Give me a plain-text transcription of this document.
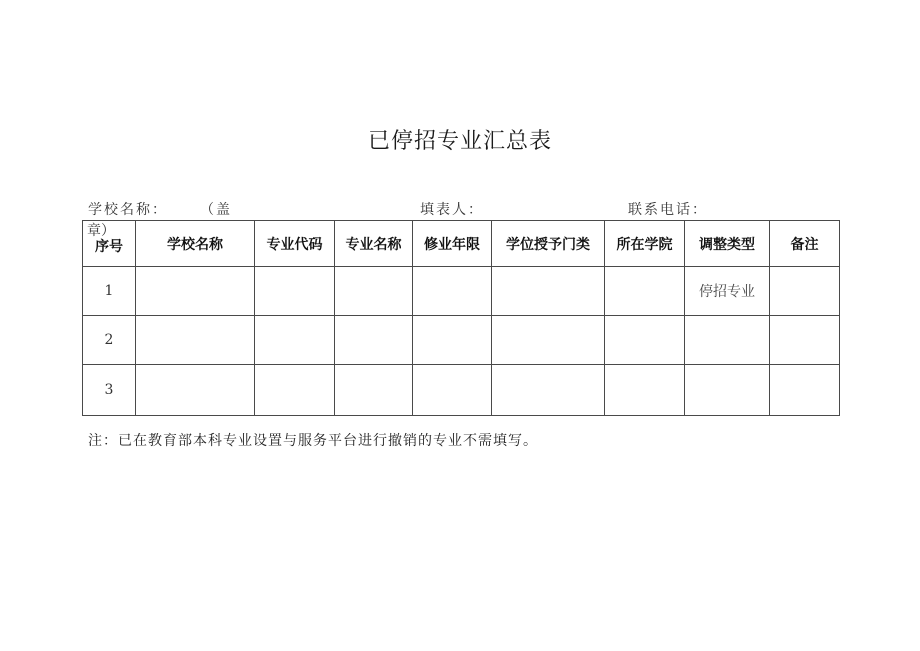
已停招专业汇总表
学校名称： （盖	填表人：	联系电话：
章）
序号	学校名称	专业代码	专业名称	修业年限	学位授予门类	所在学院	调整类型	备注
1							停招专业	
2								
3								
注：已在教育部本科专业设置与服务平台进行撤销的专业不需填写。
